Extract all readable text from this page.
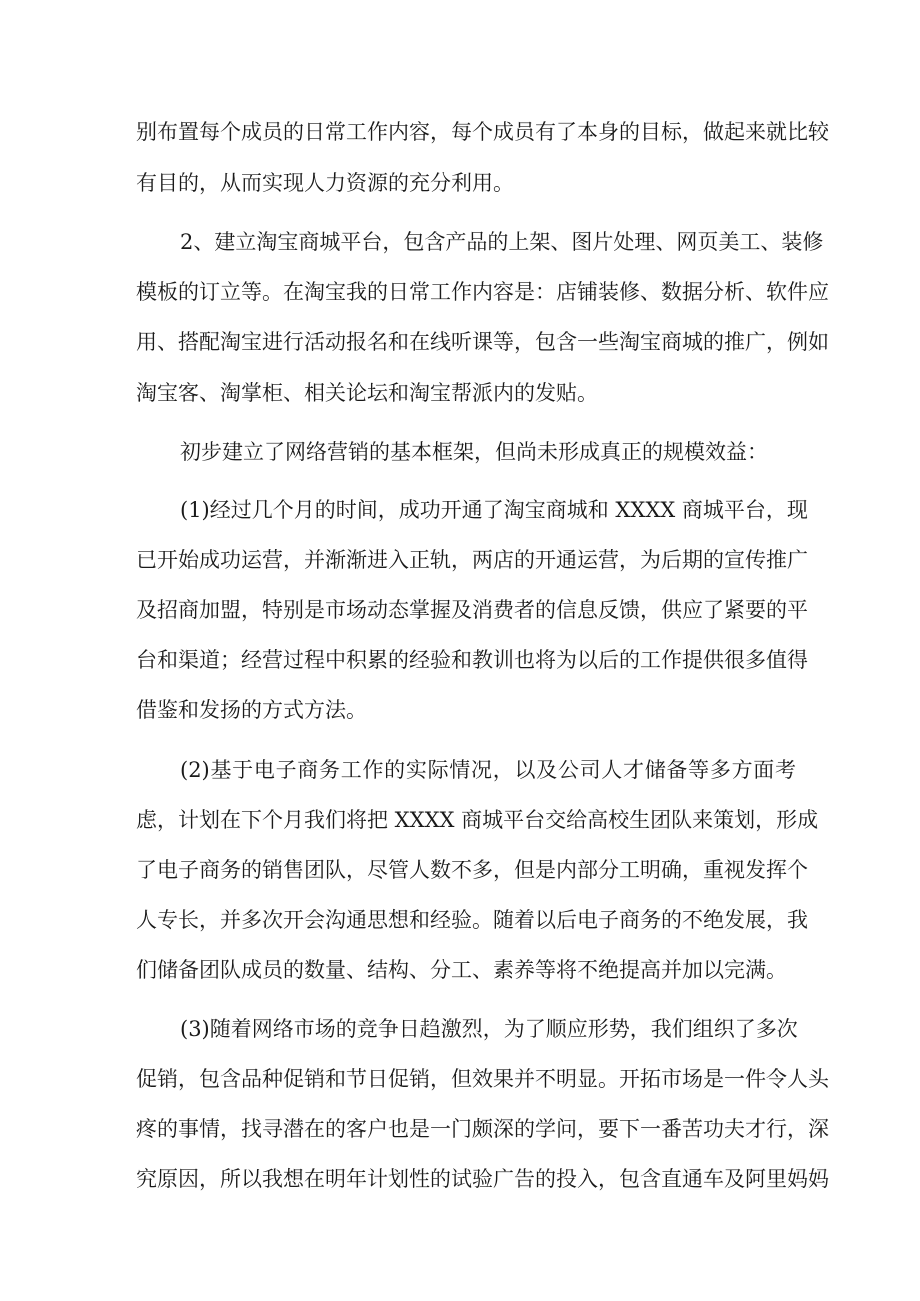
别布置每个成员的日常工作内容，每个成员有了本身的目标，做起来就比较
有目的，从而实现人力资源的充分利用。
2、建立淘宝商城平台，包含产品的上架、图片处理、网页美工、装修
模板的订立等。在淘宝我的日常工作内容是：店铺装修、数据分析、软件应
用、搭配淘宝进行活动报名和在线听课等，包含一些淘宝商城的推广，例如
淘宝客、淘掌柜、相关论坛和淘宝帮派内的发贴。
初步建立了网络营销的基本框架，但尚未形成真正的规模效益：
(1)经过几个月的时间，成功开通了淘宝商城和 XXXX 商城平台，现
已开始成功运营，并渐渐进入正轨，两店的开通运营，为后期的宣传推广
及招商加盟，特别是市场动态掌握及消费者的信息反馈，供应了紧要的平
台和渠道；经营过程中积累的经验和教训也将为以后的工作提供很多值得
借鉴和发扬的方式方法。
(2)基于电子商务工作的实际情况，以及公司人才储备等多方面考
虑，计划在下个月我们将把 XXXX 商城平台交给高校生团队来策划，形成
了电子商务的销售团队，尽管人数不多，但是内部分工明确，重视发挥个
人专长，并多次开会沟通思想和经验。随着以后电子商务的不绝发展，我
们储备团队成员的数量、结构、分工、素养等将不绝提高并加以完满。
(3)随着网络市场的竞争日趋激烈，为了顺应形势，我们组织了多次
促销，包含品种促销和节日促销，但效果并不明显。开拓市场是一件令人头
疼的事情，找寻潜在的客户也是一门颇深的学问，要下一番苦功夫才行，深
究原因，所以我想在明年计划性的试验广告的投入，包含直通车及阿里妈妈
